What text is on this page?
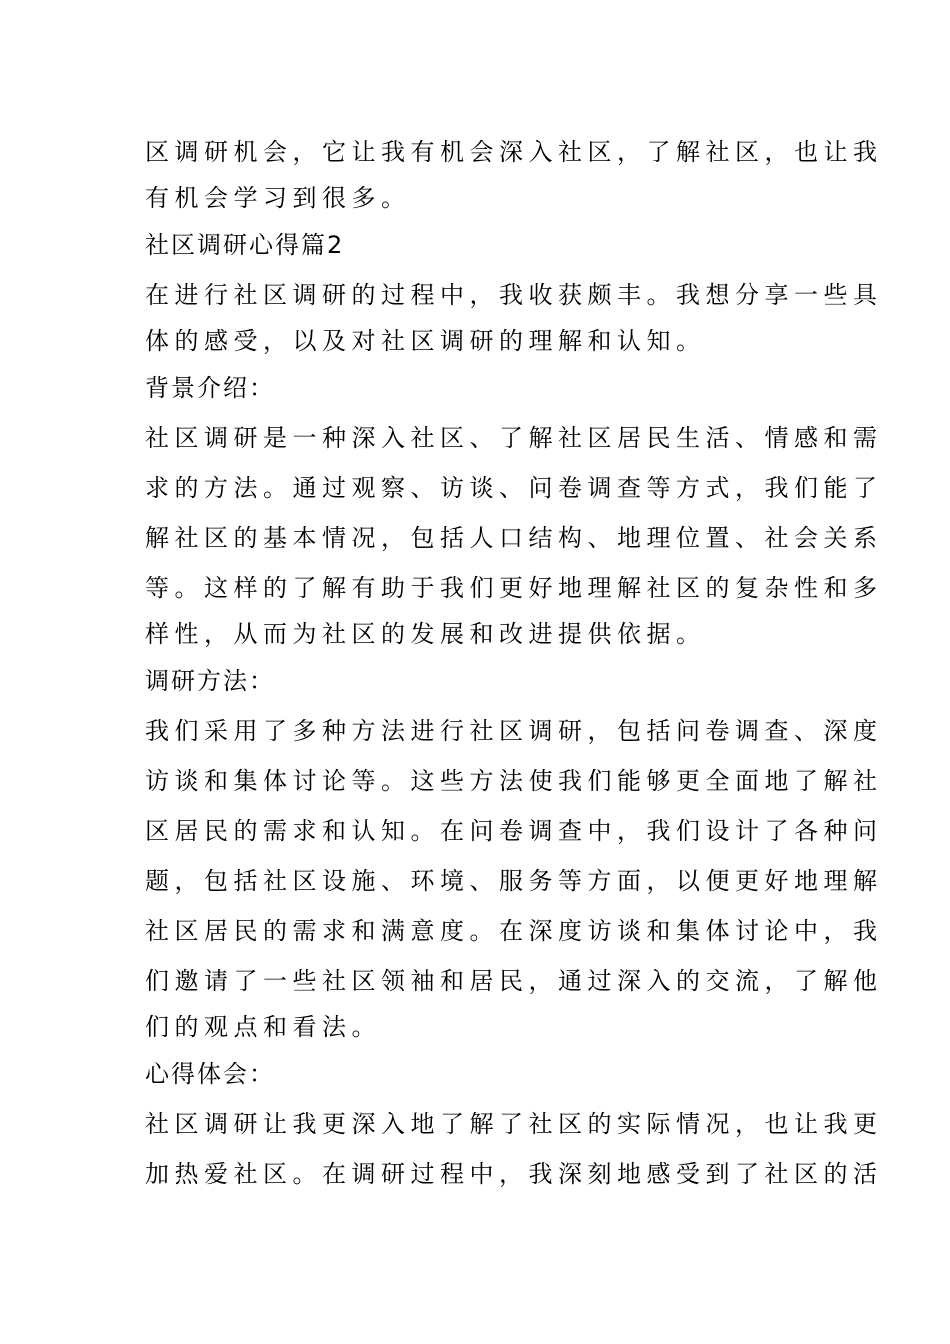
区调研机会，它让我有机会深入社区，了解社区，也让我
有机会学习到很多。
社区调研心得篇2
在进行社区调研的过程中，我收获颇丰。我想分享一些具
体的感受，以及对社区调研的理解和认知。
背景介绍：
社区调研是一种深入社区、了解社区居民生活、情感和需
求的方法。通过观察、访谈、问卷调查等方式，我们能了
解社区的基本情况，包括人口结构、地理位置、社会关系
等。这样的了解有助于我们更好地理解社区的复杂性和多
样性，从而为社区的发展和改进提供依据。
调研方法：
我们采用了多种方法进行社区调研，包括问卷调查、深度
访谈和集体讨论等。这些方法使我们能够更全面地了解社
区居民的需求和认知。在问卷调查中，我们设计了各种问
题，包括社区设施、环境、服务等方面，以便更好地理解
社区居民的需求和满意度。在深度访谈和集体讨论中，我
们邀请了一些社区领袖和居民，通过深入的交流，了解他
们的观点和看法。
心得体会：
社区调研让我更深入地了解了社区的实际情况，也让我更
加热爱社区。在调研过程中，我深刻地感受到了社区的活
